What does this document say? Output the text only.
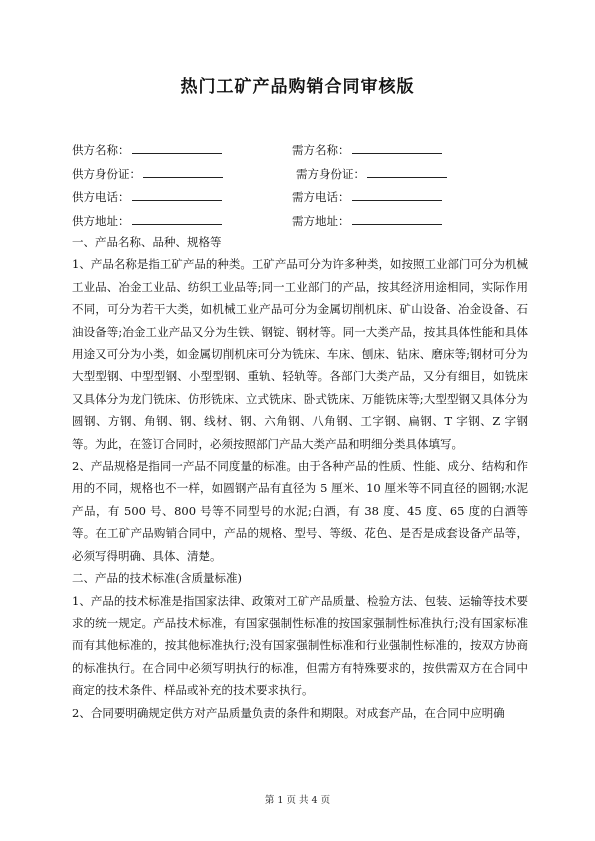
热门工矿产品购销合同审核版
供方名称：	需方名称：
供方身份证：	需方身份证：
供方电话：	需方电话：
供方地址：	需方地址：
一、产品名称、品种、规格等
1、产品名称是指工矿产品的种类。工矿产品可分为许多种类，如按照工业部门可分为机械工业品、冶金工业品、纺织工业品等;同一工业部门的产品，按其经济用途相同，实际作用不同，可分为若干大类，如机械工业产品可分为金属切削机床、矿山设备、冶金设备、石油设备等;冶金工业产品又分为生铁、钢锭、钢材等。同一大类产品，按其具体性能和具体用途又可分为小类，如金属切削机床可分为铣床、车床、刨床、钻床、磨床等;钢材可分为大型型钢、中型型钢、小型型钢、重轨、轻轨等。各部门大类产品，又分有细目，如铣床又具体分为龙门铣床、仿形铣床、立式铣床、卧式铣床、万能铣床等;大型型钢又具体分为圆钢、方钢、角钢、钢、线材、钢、六角钢、八角钢、工字钢、扁钢、T 字钢、Z 字钢等。为此，在签订合同时，必须按照部门产品大类产品和明细分类具体填写。
2、产品规格是指同一产品不同度量的标准。由于各种产品的性质、性能、成分、结构和作用的不同，规格也不一样，如圆钢产品有直径为 5 厘米、10 厘米等不同直径的圆钢;水泥产品，有 500 号、800 号等不同型号的水泥;白酒，有 38 度、45 度、65 度的白酒等等。在工矿产品购销合同中，产品的规格、型号、等级、花色、是否是成套设备产品等，必须写得明确、具体、清楚。
二、产品的技术标准(含质量标准)
1、产品的技术标准是指国家法律、政策对工矿产品质量、检验方法、包装、运输等技术要求的统一规定。产品技术标准，有国家强制性标准的按国家强制性标准执行;没有国家标准而有其他标准的，按其他标准执行;没有国家强制性标准和行业强制性标准的，按双方协商的标准执行。在合同中必须写明执行的标准，但需方有特殊要求的，按供需双方在合同中商定的技术条件、样品或补充的技术要求执行。
2、合同要明确规定供方对产品质量负责的条件和期限。对成套产品，在合同中应明确
第 1 页 共 4 页
